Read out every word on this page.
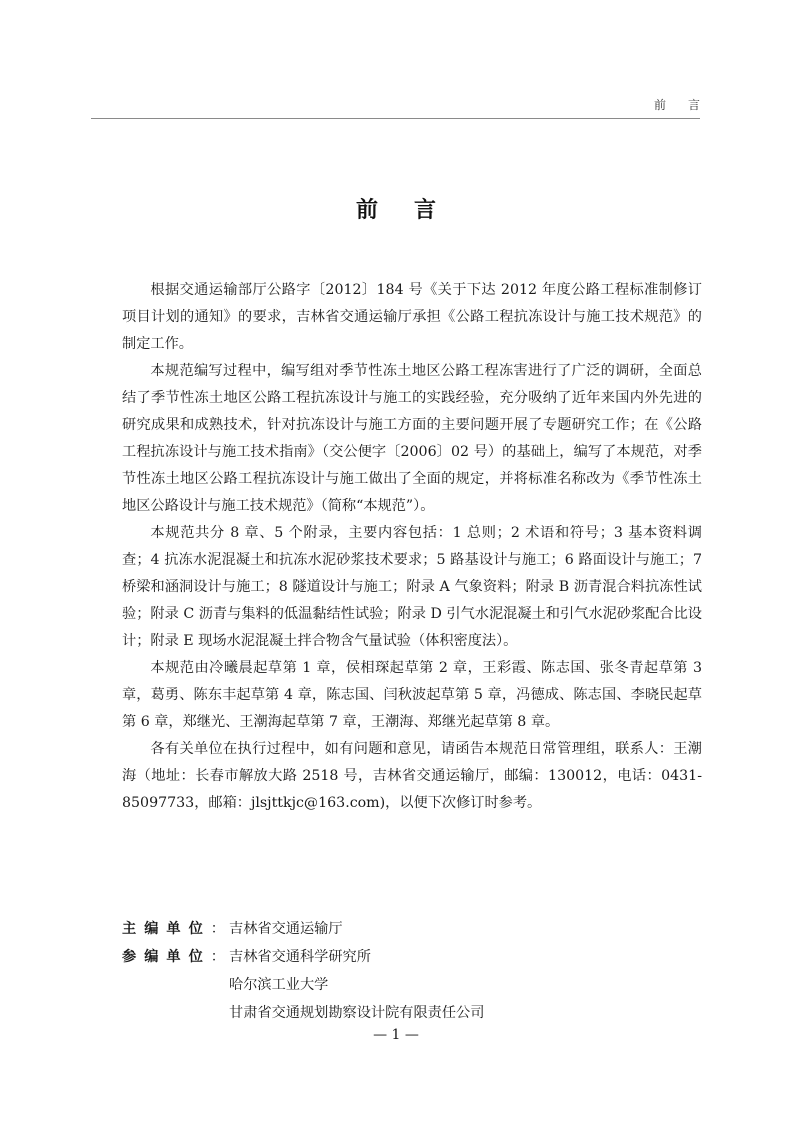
前言
前言

根据交通运输部厅公路字〔2012〕184 号《关于下达 2012 年度公路工程标准制修订项目计划的通知》的要求，吉林省交通运输厅承担《公路工程抗冻设计与施工技术规范》的制定工作。

本规范编写过程中，编写组对季节性冻土地区公路工程冻害进行了广泛的调研，全面总结了季节性冻土地区公路工程抗冻设计与施工的实践经验，充分吸纳了近年来国内外先进的研究成果和成熟技术，针对抗冻设计与施工方面的主要问题开展了专题研究工作；在《公路工程抗冻设计与施工技术指南》（交公便字〔2006〕02 号）的基础上，编写了本规范，对季节性冻土地区公路工程抗冻设计与施工做出了全面的规定，并将标准名称改为《季节性冻土地区公路设计与施工技术规范》（简称“本规范”）。

本规范共分 8 章、5 个附录，主要内容包括：1 总则；2 术语和符号；3 基本资料调查；4 抗冻水泥混凝土和抗冻水泥砂浆技术要求；5 路基设计与施工；6 路面设计与施工；7 桥梁和涵洞设计与施工；8 隧道设计与施工；附录 A 气象资料；附录 B 沥青混合料抗冻性试验；附录 C 沥青与集料的低温黏结性试验；附录 D 引气水泥混凝土和引气水泥砂浆配合比设计；附录 E 现场水泥混凝土拌合物含气量试验（体积密度法）。

本规范由冷曦晨起草第 1 章，侯相琛起草第 2 章，王彩霞、陈志国、张冬青起草第 3 章，葛勇、陈东丰起草第 4 章，陈志国、闫秋波起草第 5 章，冯德成、陈志国、李晓民起草第 6 章，郑继光、王潮海起草第 7 章，王潮海、郑继光起草第 8 章。

各有关单位在执行过程中，如有问题和意见，请函告本规范日常管理组，联系人：王潮海（地址：长春市解放大路 2518 号，吉林省交通运输厅，邮编：130012，电话：0431-85097733，邮箱：jlsjttkjc@163.com)，以便下次修订时参考。

主编单位： 吉林省交通运输厅
参编单位： 吉林省交通科学研究所
哈尔滨工业大学
甘肃省交通规划勘察设计院有限责任公司
— 1 —
